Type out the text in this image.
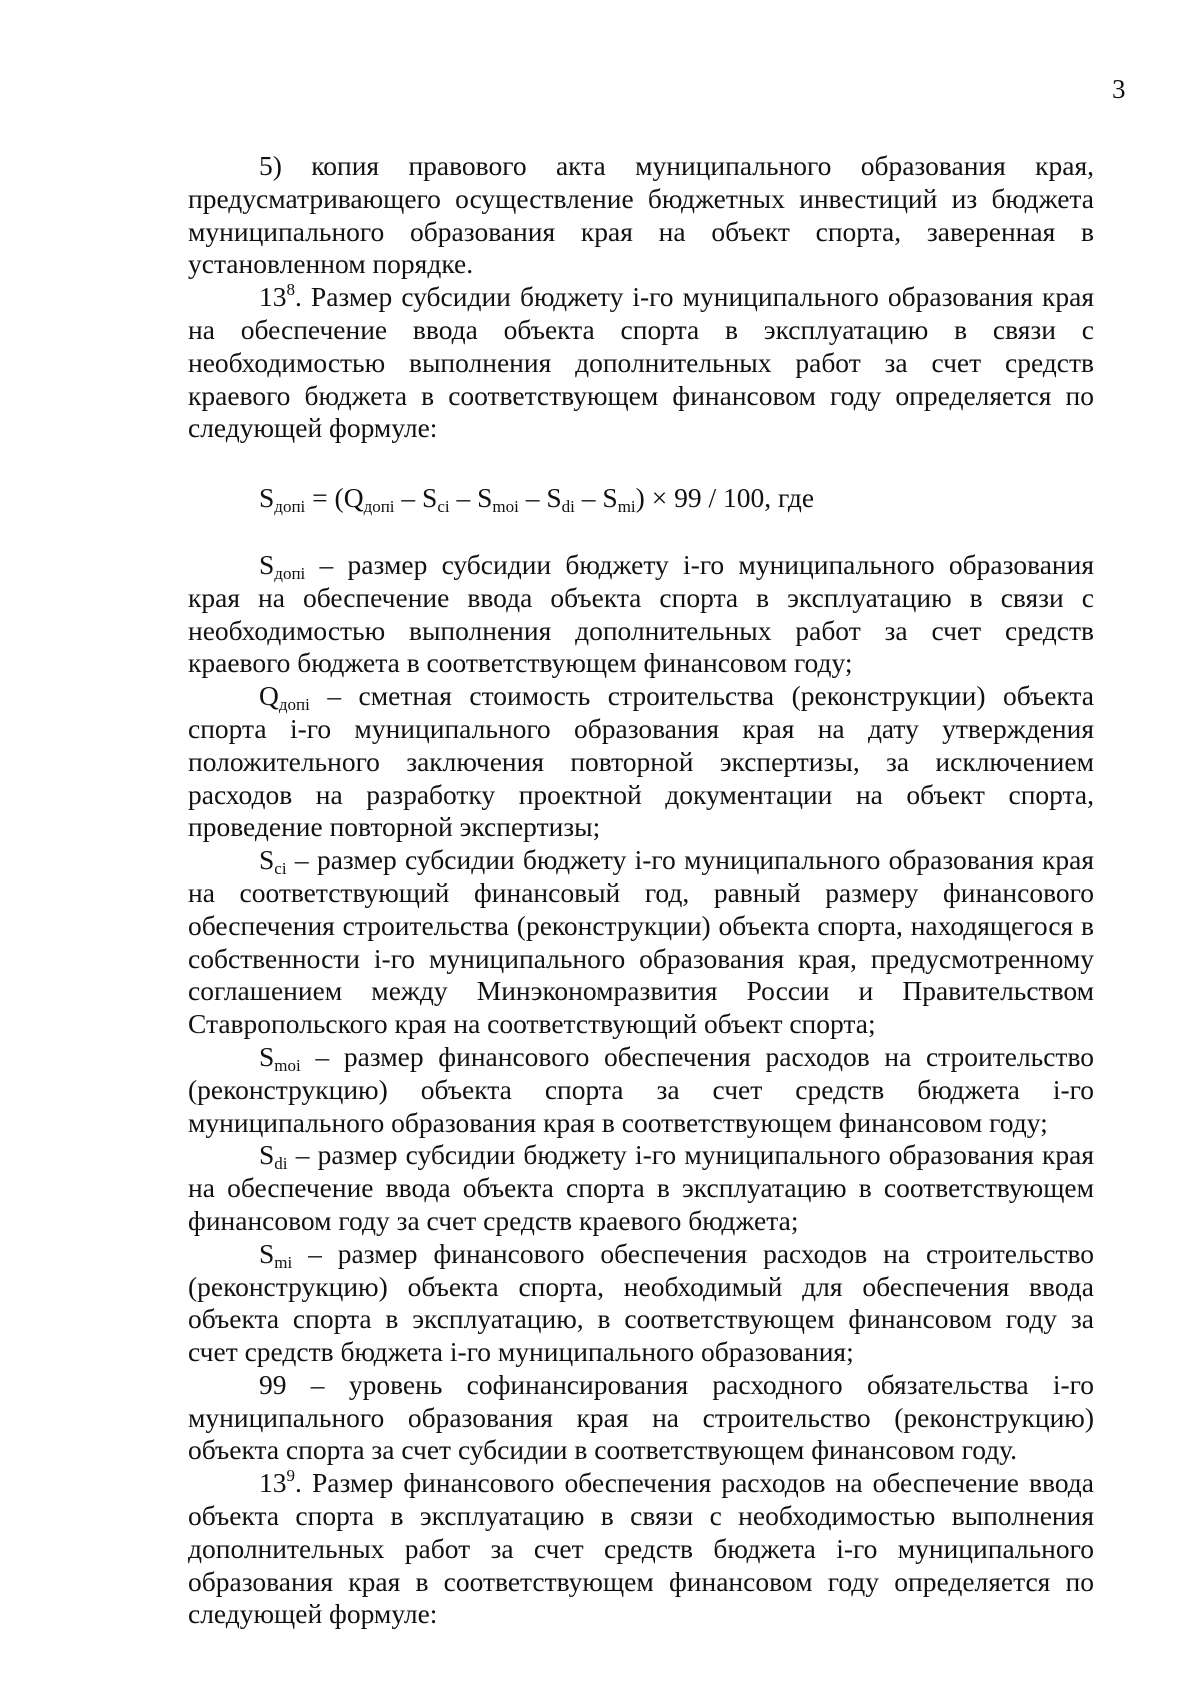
3

5) копия правового акта муниципального образования края, предусматривающего осуществление бюджетных инвестиций из бюджета муниципального образования края на объект спорта, заверенная в установленном порядке.

$13^8$. Размер субсидии бюджету i-го муниципального образования края на обеспечение ввода объекта спорта в эксплуатацию в связи с необходимостью выполнения дополнительных работ за счет средств краевого бюджета в соответствующем финансовом году определяется по следующей формуле:

$S_{допi} = (Q_{допi} - S_{ci} - S_{moi} - S_{di} - S_{mi}) \times 99 / 100$, где

$S_{допi}$ – размер субсидии бюджету i-го муниципального образования края на обеспечение ввода объекта спорта в эксплуатацию в связи с необходимостью выполнения дополнительных работ за счет средств краевого бюджета в соответствующем финансовом году;

$Q_{допi}$ – сметная стоимость строительства (реконструкции) объекта спорта i-го муниципального образования края на дату утверждения положительного заключения повторной экспертизы, за исключением расходов на разработку проектной документации на объект спорта, проведение повторной экспертизы;

$S_{ci}$ – размер субсидии бюджету i-го муниципального образования края на соответствующий финансовый год, равный размеру финансового обеспечения строительства (реконструкции) объекта спорта, находящегося в собственности i-го муниципального образования края, предусмотренному соглашением между Минэкономразвития России и Правительством Ставропольского края на соответствующий объект спорта;

$S_{moi}$ – размер финансового обеспечения расходов на строительство (реконструкцию) объекта спорта за счет средств бюджета i-го муниципального образования края в соответствующем финансовом году;

$S_{di}$ – размер субсидии бюджету i-го муниципального образования края на обеспечение ввода объекта спорта в эксплуатацию в соответствующем финансовом году за счет средств краевого бюджета;

$S_{mi}$ – размер финансового обеспечения расходов на строительство (реконструкцию) объекта спорта, необходимый для обеспечения ввода объекта спорта в эксплуатацию, в соответствующем финансовом году за счет средств бюджета i-го муниципального образования;

99 – уровень софинансирования расходного обязательства i-го муниципального образования края на строительство (реконструкцию) объекта спорта за счет субсидии в соответствующем финансовом году.

$13^9$. Размер финансового обеспечения расходов на обеспечение ввода объекта спорта в эксплуатацию в связи с необходимостью выполнения дополнительных работ за счет средств бюджета i-го муниципального образования края в соответствующем финансовом году определяется по следующей формуле:
